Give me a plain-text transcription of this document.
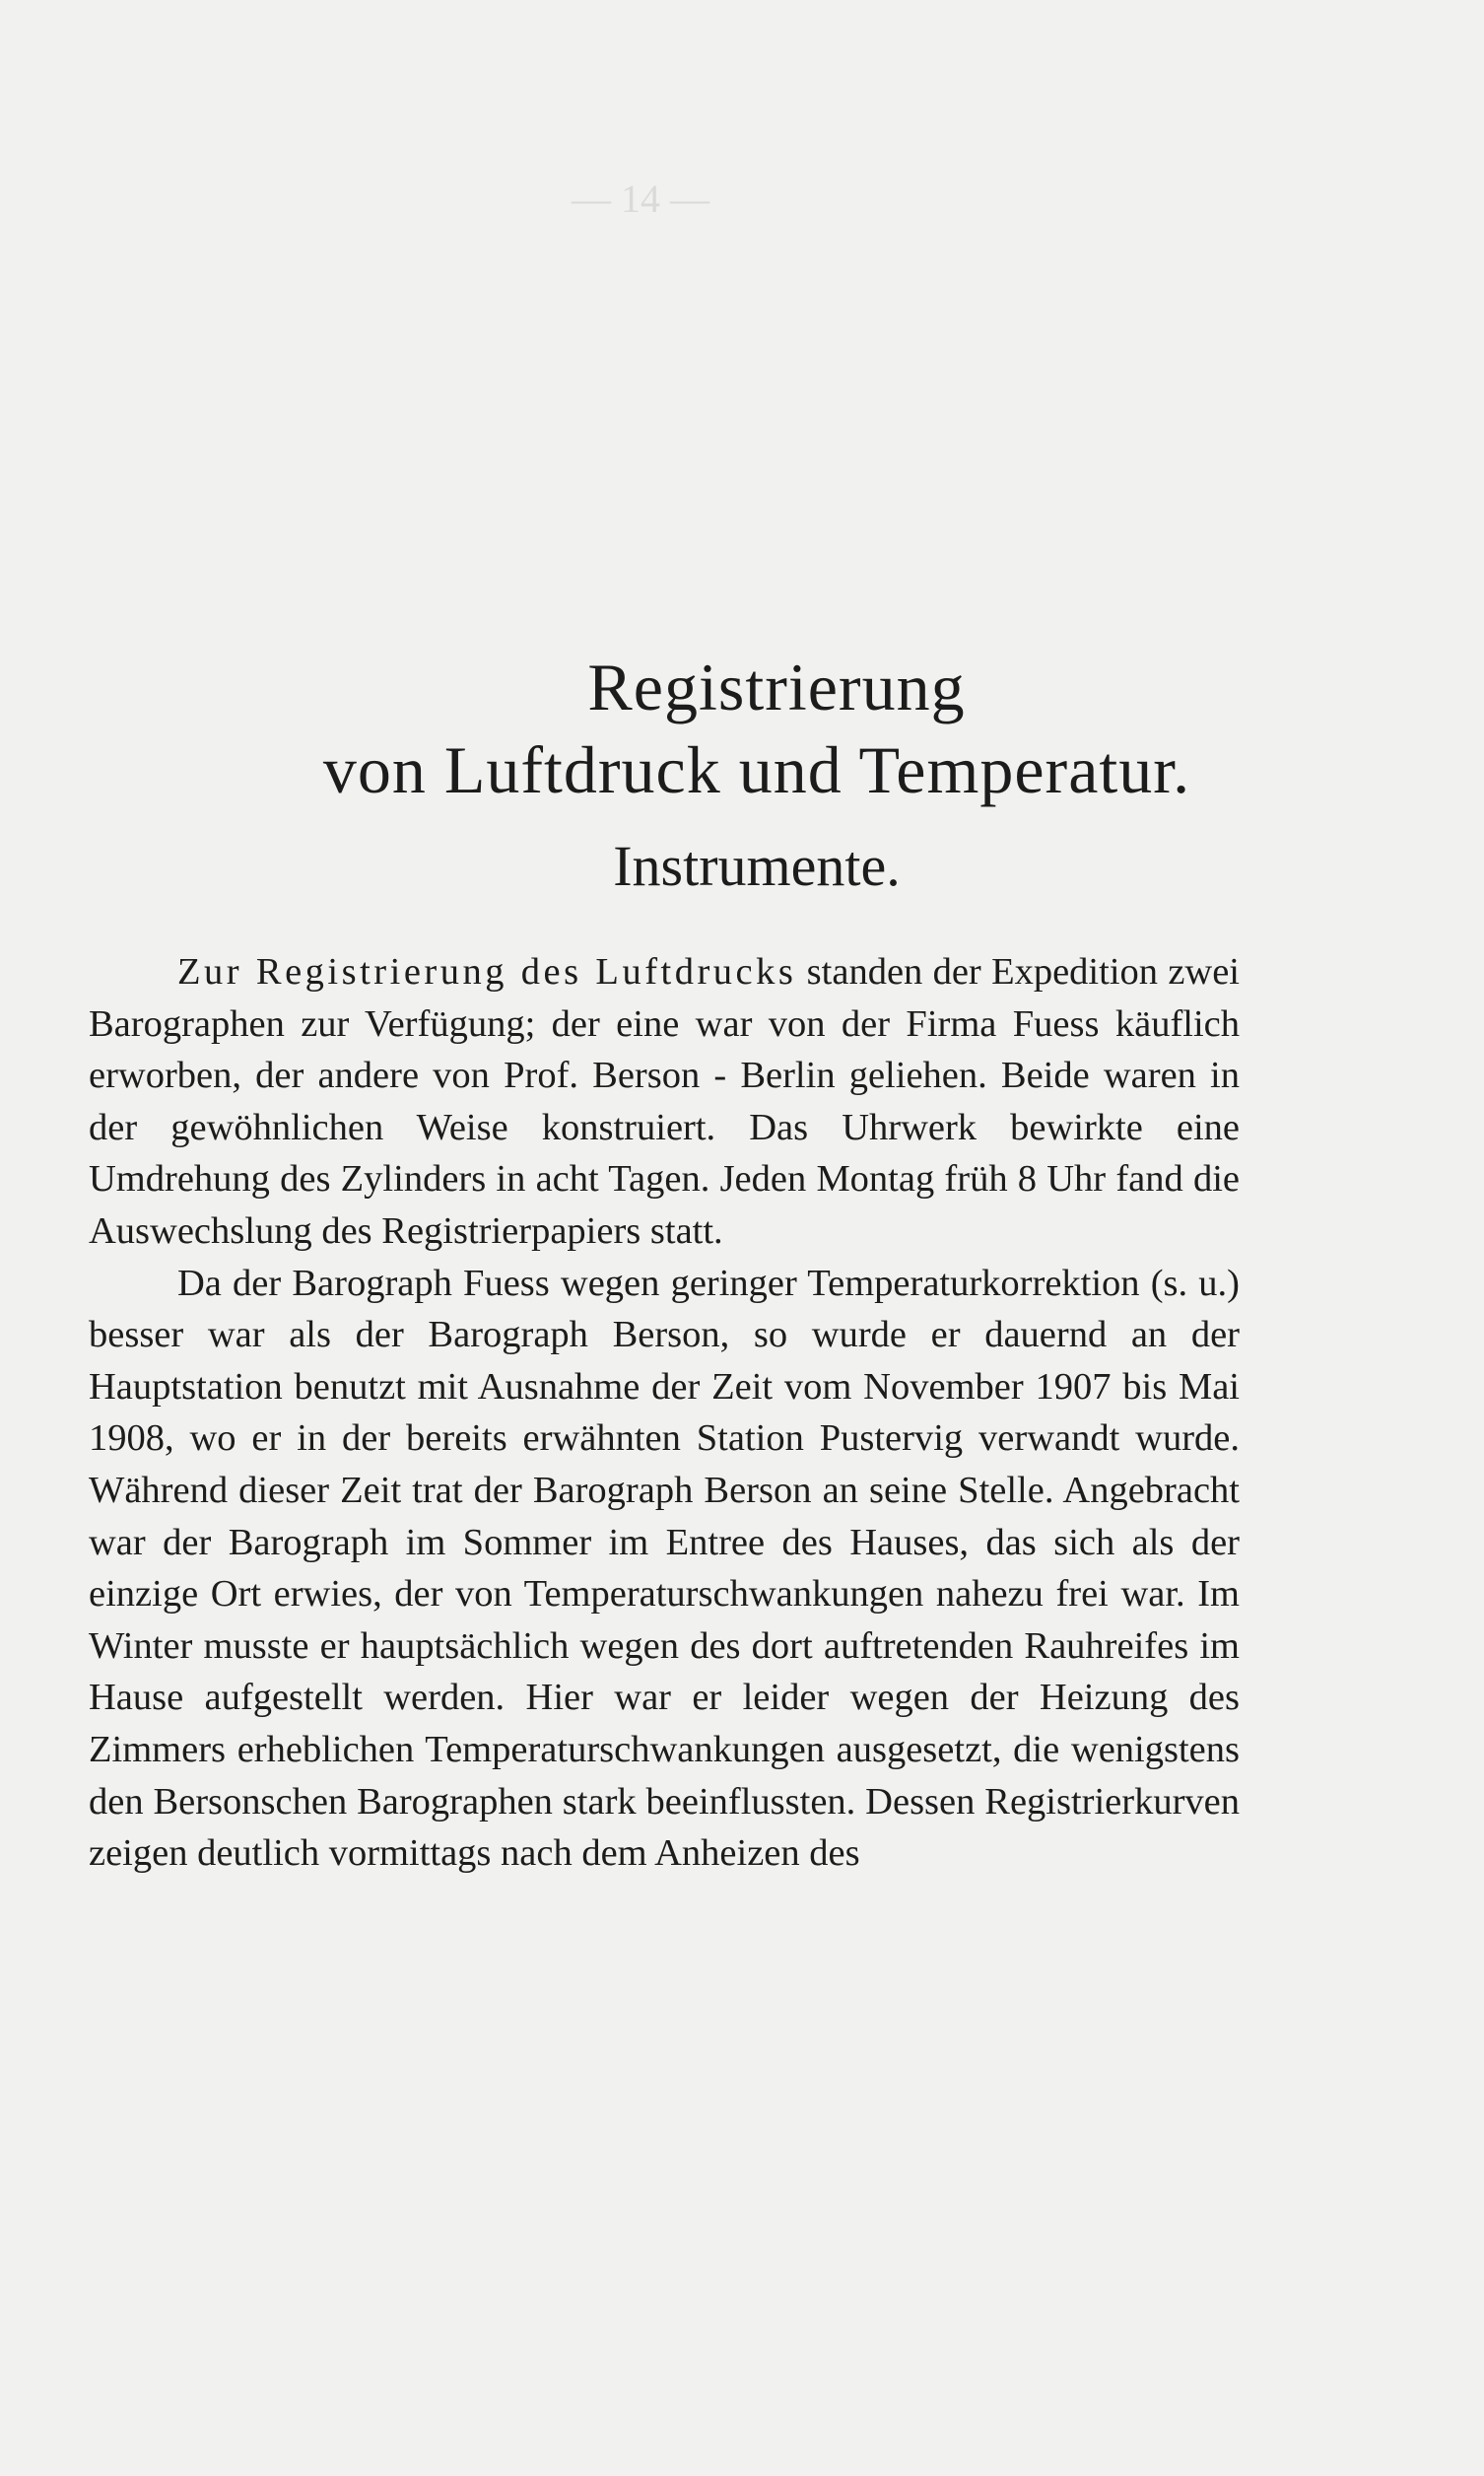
— 14 —
Registrierung
von Luftdruck und Temperatur.
Instrumente.

Zur Registrierung des Luftdrucks standen der Expedition zwei Barographen zur Verfügung; der eine war von der Firma Fuess käuflich erworben, der andere von Prof. Berson - Berlin geliehen. Beide waren in der gewöhnlichen Weise konstruiert. Das Uhrwerk bewirkte eine Umdrehung des Zylinders in acht Tagen. Jeden Montag früh 8 Uhr fand die Auswechslung des Registrierpapiers statt.

Da der Barograph Fuess wegen geringer Temperaturkorrektion (s. u.) besser war als der Barograph Berson, so wurde er dauernd an der Hauptstation benutzt mit Ausnahme der Zeit vom November 1907 bis Mai 1908, wo er in der bereits erwähnten Station Pustervig verwandt wurde. Während dieser Zeit trat der Barograph Berson an seine Stelle. Angebracht war der Barograph im Sommer im Entree des Hauses, das sich als der einzige Ort erwies, der von Temperaturschwankungen nahezu frei war. Im Winter musste er hauptsächlich wegen des dort auftretenden Rauhreifes im Hause aufgestellt werden. Hier war er leider wegen der Heizung des Zimmers erheblichen Temperaturschwankungen ausgesetzt, die wenigstens den Bersonschen Barographen stark beeinflussten. Dessen Registrierkurven zeigen deutlich vormittags nach dem Anheizen des
